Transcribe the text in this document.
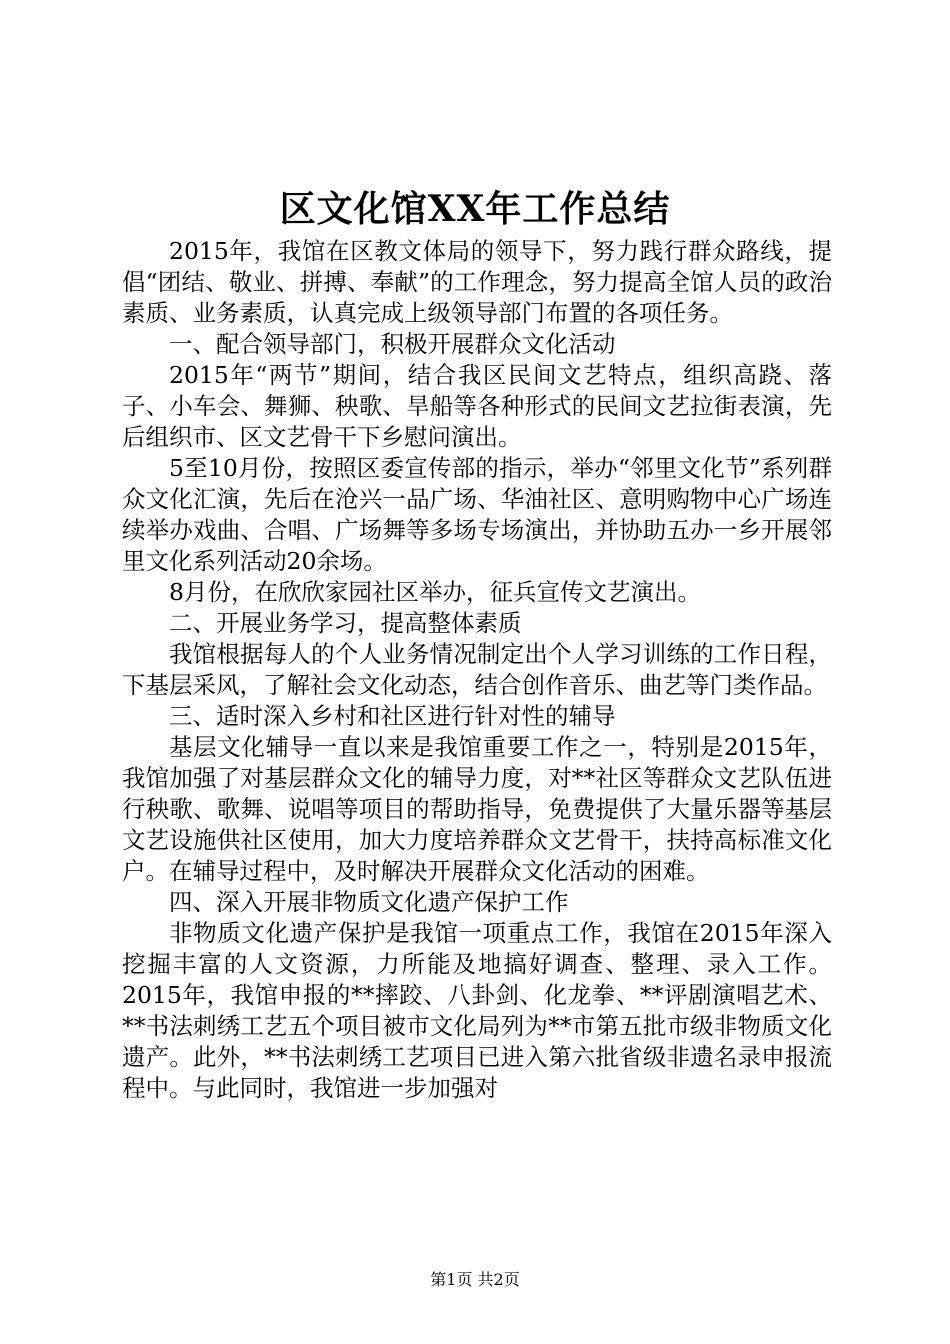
区文化馆XX年工作总结

2015年，我馆在区教文体局的领导下，努力践行群众路线，提倡“团结、敬业、拼搏、奉献”的工作理念，努力提高全馆人员的政治素质、业务素质，认真完成上级领导部门布置的各项任务。

一、配合领导部门，积极开展群众文化活动

2015年“两节”期间，结合我区民间文艺特点，组织高跷、落子、小车会、舞狮、秧歌、旱船等各种形式的民间文艺拉街表演，先后组织市、区文艺骨干下乡慰问演出。

5至10月份，按照区委宣传部的指示，举办“邻里文化节”系列群众文化汇演，先后在沧兴一品广场、华油社区、意明购物中心广场连续举办戏曲、合唱、广场舞等多场专场演出，并协助五办一乡开展邻里文化系列活动20余场。

8月份，在欣欣家园社区举办，征兵宣传文艺演出。

二、开展业务学习，提高整体素质

我馆根据每人的个人业务情况制定出个人学习训练的工作日程，下基层采风，了解社会文化动态，结合创作音乐、曲艺等门类作品。

三、适时深入乡村和社区进行针对性的辅导

基层文化辅导一直以来是我馆重要工作之一，特别是2015年，我馆加强了对基层群众文化的辅导力度，对**社区等群众文艺队伍进行秧歌、歌舞、说唱等项目的帮助指导，免费提供了大量乐器等基层文艺设施供社区使用，加大力度培养群众文艺骨干，扶持高标准文化户。在辅导过程中，及时解决开展群众文化活动的困难。

四、深入开展非物质文化遗产保护工作

非物质文化遗产保护是我馆一项重点工作，我馆在2015年深入挖掘丰富的人文资源，力所能及地搞好调查、整理、录入工作。2015年，我馆申报的**摔跤、八卦剑、化龙拳、**评剧演唱艺术、**书法刺绣工艺五个项目被市文化局列为**市第五批市级非物质文化遗产。此外，**书法刺绣工艺项目已进入第六批省级非遗名录申报流程中。与此同时，我馆进一步加强对

第1页 共2页
